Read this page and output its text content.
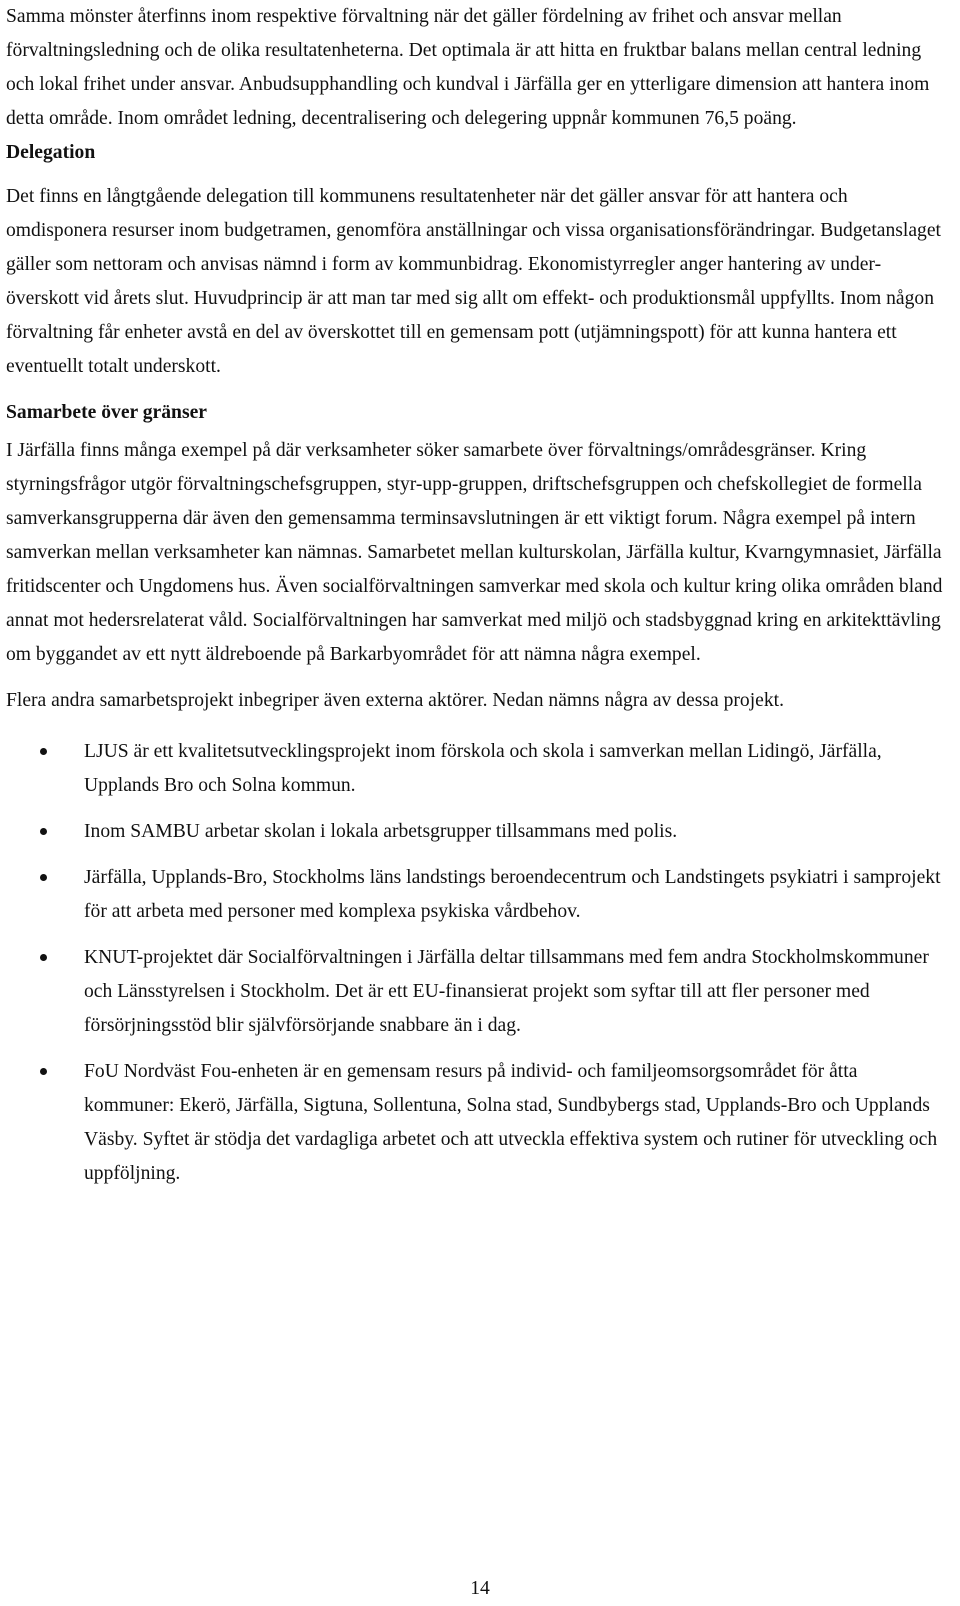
Samma mönster återfinns inom respektive förvaltning när det gäller fördelning av frihet och ansvar mellan förvaltningsledning och de olika resultatenheterna. Det optimala är att hitta en fruktbar balans mellan central ledning och lokal frihet under ansvar. Anbudsupphandling och kundval i Järfälla ger en ytterligare dimension att hantera inom detta område. Inom området ledning, decentralisering och delegering uppnår kommunen 76,5 poäng.

Delegation

Det finns en långtgående delegation till kommunens resultatenheter när det gäller ansvar för att hantera och omdisponera resurser inom budgetramen, genomföra anställningar och vissa organisationsförändringar. Budgetanslaget gäller som nettoram och anvisas nämnd i form av kommunbidrag. Ekonomistyrregler anger hantering av under- överskott vid årets slut. Huvudprincip är att man tar med sig allt om effekt- och produktionsmål uppfyllts. Inom någon förvaltning får enheter avstå en del av överskottet till en gemensam pott (utjämningspott) för att kunna hantera ett eventuellt totalt underskott.

Samarbete över gränser

I Järfälla finns många exempel på där verksamheter söker samarbete över förvaltnings/områdesgränser. Kring styrningsfrågor utgör förvaltningschefsgruppen, styr-upp-gruppen, driftschefsgruppen och chefskollegiet de formella samverkansgrupperna där även den gemensamma terminsavslutningen är ett viktigt forum. Några exempel på intern samverkan mellan verksamheter kan nämnas. Samarbetet mellan kulturskolan, Järfälla kultur, Kvarngymnasiet, Järfälla fritidscenter och Ungdomens hus. Även socialförvaltningen samverkar med skola och kultur kring olika områden bland annat mot hedersrelaterat våld. Socialförvaltningen har samverkat med miljö och stadsbyggnad kring en arkitekttävling om byggandet av ett nytt äldreboende på Barkarbyområdet för att nämna några exempel.

Flera andra samarbetsprojekt inbegriper även externa aktörer. Nedan nämns några av dessa projekt.

LJUS är ett kvalitetsutvecklingsprojekt inom förskola och skola i samverkan mellan Lidingö, Järfälla, Upplands Bro och Solna kommun.
Inom SAMBU arbetar skolan i lokala arbetsgrupper tillsammans med polis.
Järfälla, Upplands-Bro, Stockholms läns landstings beroendecentrum och Landstingets psykiatri i samprojekt för att arbeta med personer med komplexa psykiska vårdbehov.
KNUT-projektet där Socialförvaltningen i Järfälla deltar tillsammans med fem andra Stockholmskommuner och Länsstyrelsen i Stockholm. Det är ett EU-finansierat projekt som syftar till att fler personer med försörjningsstöd blir självförsörjande snabbare än i dag.
FoU Nordväst Fou-enheten är en gemensam resurs på individ- och familjeomsorgsområdet för åtta kommuner: Ekerö, Järfälla, Sigtuna, Sollentuna, Solna stad, Sundbybergs stad, Upplands-Bro och Upplands Väsby. Syftet är stödja det vardagliga arbetet och att utveckla effektiva system och rutiner för utveckling och uppföljning.
14
